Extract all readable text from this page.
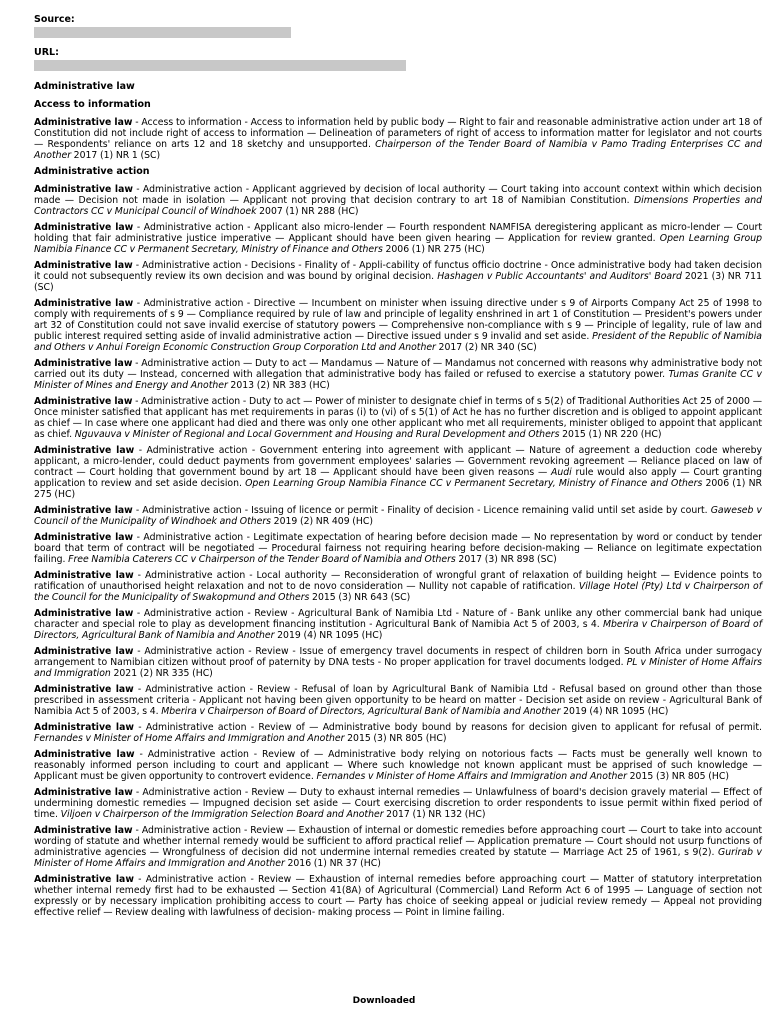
Source:
URL:
Administrative law
Access to information
Administrative law - Access to information - Access to information held by public body — Right to fair and reasonable administrative action under art 18 of Constitution did not include right of access to information — Delineation of parameters of right of access to information matter for legislator and not courts — Respondents' reliance on arts 12 and 18 sketchy and unsupported. Chairperson of the Tender Board of Namibia v Pamo Trading Enterprises CC and Another 2017 (1) NR 1 (SC)
Administrative action
Administrative law - Administrative action - Applicant aggrieved by decision of local authority — Court taking into account context within which decision made — Decision not made in isolation — Applicant not proving that decision contrary to art 18 of Namibian Constitution. Dimensions Properties and Contractors CC v Municipal Council of Windhoek 2007 (1) NR 288 (HC)
Administrative law - Administrative action - Applicant also micro-lender — Fourth respondent NAMFISA deregistering applicant as micro-lender — Court holding that fair administrative justice imperative — Applicant should have been given hearing — Application for review granted. Open Learning Group Namibia Finance CC v Permanent Secretary, Ministry of Finance and Others 2006 (1) NR 275 (HC)
Administrative law - Administrative action - Decisions - Finality of - Appli-cability of functus officio doctrine - Once administrative body had taken decision it could not subsequently review its own decision and was bound by original decision. Hashagen v Public Accountants' and Auditors' Board 2021 (3) NR 711 (SC)
Administrative law - Administrative action - Directive — Incumbent on minister when issuing directive under s 9 of Airports Company Act 25 of 1998 to comply with requirements of s 9 — Compliance required by rule of law and principle of legality enshrined in art 1 of Constitution — President's powers under art 32 of Constitution could not save invalid exercise of statutory powers — Comprehensive non-compliance with s 9 — Principle of legality, rule of law and public interest required setting aside of invalid administrative action — Directive issued under s 9 invalid and set aside. President of the Republic of Namibia and Others v Anhui Foreign Economic Construction Group Corporation Ltd and Another 2017 (2) NR 340 (SC)
Administrative law - Administrative action — Duty to act — Mandamus — Nature of — Mandamus not concerned with reasons why administrative body not carried out its duty — Instead, concerned with allegation that administrative body has failed or refused to exercise a statutory power. Tumas Granite CC v Minister of Mines and Energy and Another 2013 (2) NR 383 (HC)
Administrative law - Administrative action - Duty to act — Power of minister to designate chief in terms of s 5(2) of Traditional Authorities Act 25 of 2000 — Once minister satisfied that applicant has met requirements in paras (i) to (vi) of s 5(1) of Act he has no further discretion and is obliged to appoint applicant as chief — In case where one applicant had died and there was only one other applicant who met all requirements, minister obliged to appoint that applicant as chief. Nguvauva v Minister of Regional and Local Government and Housing and Rural Development and Others 2015 (1) NR 220 (HC)
Administrative law - Administrative action - Government entering into agreement with applicant — Nature of agreement a deduction code whereby applicant, a micro-lender, could deduct payments from government employees' salaries — Government revoking agreement — Reliance placed on law of contract — Court holding that government bound by art 18 — Applicant should have been given reasons — Audi rule would also apply — Court granting application to review and set aside decision. Open Learning Group Namibia Finance CC v Permanent Secretary, Ministry of Finance and Others 2006 (1) NR 275 (HC)
Administrative law - Administrative action - Issuing of licence or permit - Finality of decision - Licence remaining valid until set aside by court. Gaweseb v Council of the Municipality of Windhoek and Others 2019 (2) NR 409 (HC)
Administrative law - Administrative action - Legitimate expectation of hearing before decision made — No representation by word or conduct by tender board that term of contract will be negotiated — Procedural fairness not requiring hearing before decision-making — Reliance on legitimate expectation failing. Free Namibia Caterers CC v Chairperson of the Tender Board of Namibia and Others 2017 (3) NR 898 (SC)
Administrative law - Administrative action - Local authority — Reconsideration of wrongful grant of relaxation of building height — Evidence points to ratification of unauthorised height relaxation and not to de novo consideration — Nullity not capable of ratification. Village Hotel (Pty) Ltd v Chairperson of the Council for the Municipality of Swakopmund and Others 2015 (3) NR 643 (SC)
Administrative law - Administrative action - Review - Agricultural Bank of Namibia Ltd - Nature of - Bank unlike any other commercial bank had unique character and special role to play as development financing institution - Agricultural Bank of Namibia Act 5 of 2003, s 4. Mberira v Chairperson of Board of Directors, Agricultural Bank of Namibia and Another 2019 (4) NR 1095 (HC)
Administrative law - Administrative action - Review - Issue of emergency travel documents in respect of children born in South Africa under surrogacy arrangement to Namibian citizen without proof of paternity by DNA tests - No proper application for travel documents lodged. PL v Minister of Home Affairs and Immigration 2021 (2) NR 335 (HC)
Administrative law - Administrative action - Review - Refusal of loan by Agricultural Bank of Namibia Ltd - Refusal based on ground other than those prescribed in assessment criteria - Applicant not having been given opportunity to be heard on matter - Decision set aside on review - Agricultural Bank of Namibia Act 5 of 2003, s 4. Mberira v Chairperson of Board of Directors, Agricultural Bank of Namibia and Another 2019 (4) NR 1095 (HC)
Administrative law - Administrative action - Review of — Administrative body bound by reasons for decision given to applicant for refusal of permit. Fernandes v Minister of Home Affairs and Immigration and Another 2015 (3) NR 805 (HC)
Administrative law - Administrative action - Review of — Administrative body relying on notorious facts — Facts must be generally well known to reasonably informed person including to court and applicant — Where such knowledge not known applicant must be apprised of such knowledge — Applicant must be given opportunity to controvert evidence. Fernandes v Minister of Home Affairs and Immigration and Another 2015 (3) NR 805 (HC)
Administrative law - Administrative action - Review — Duty to exhaust internal remedies — Unlawfulness of board's decision gravely material — Effect of undermining domestic remedies — Impugned decision set aside — Court exercising discretion to order respondents to issue permit within fixed period of time. Viljoen v Chairperson of the Immigration Selection Board and Another 2017 (1) NR 132 (HC)
Administrative law - Administrative action - Review — Exhaustion of internal or domestic remedies before approaching court — Court to take into account wording of statute and whether internal remedy would be sufficient to afford practical relief — Application premature — Court should not usurp functions of administrative agencies — Wrongfulness of decision did not undermine internal remedies created by statute — Marriage Act 25 of 1961, s 9(2). Gurirab v Minister of Home Affairs and Immigration and Another 2016 (1) NR 37 (HC)
Administrative law - Administrative action - Review — Exhaustion of internal remedies before approaching court — Matter of statutory interpretation whether internal remedy first had to be exhausted — Section 41(8A) of Agricultural (Commercial) Land Reform Act 6 of 1995 — Language of section not expressly or by necessary implication prohibiting access to court — Party has choice of seeking appeal or judicial review remedy — Appeal not providing effective relief — Review dealing with lawfulness of decision- making process — Point in limine failing.
Downloaded
